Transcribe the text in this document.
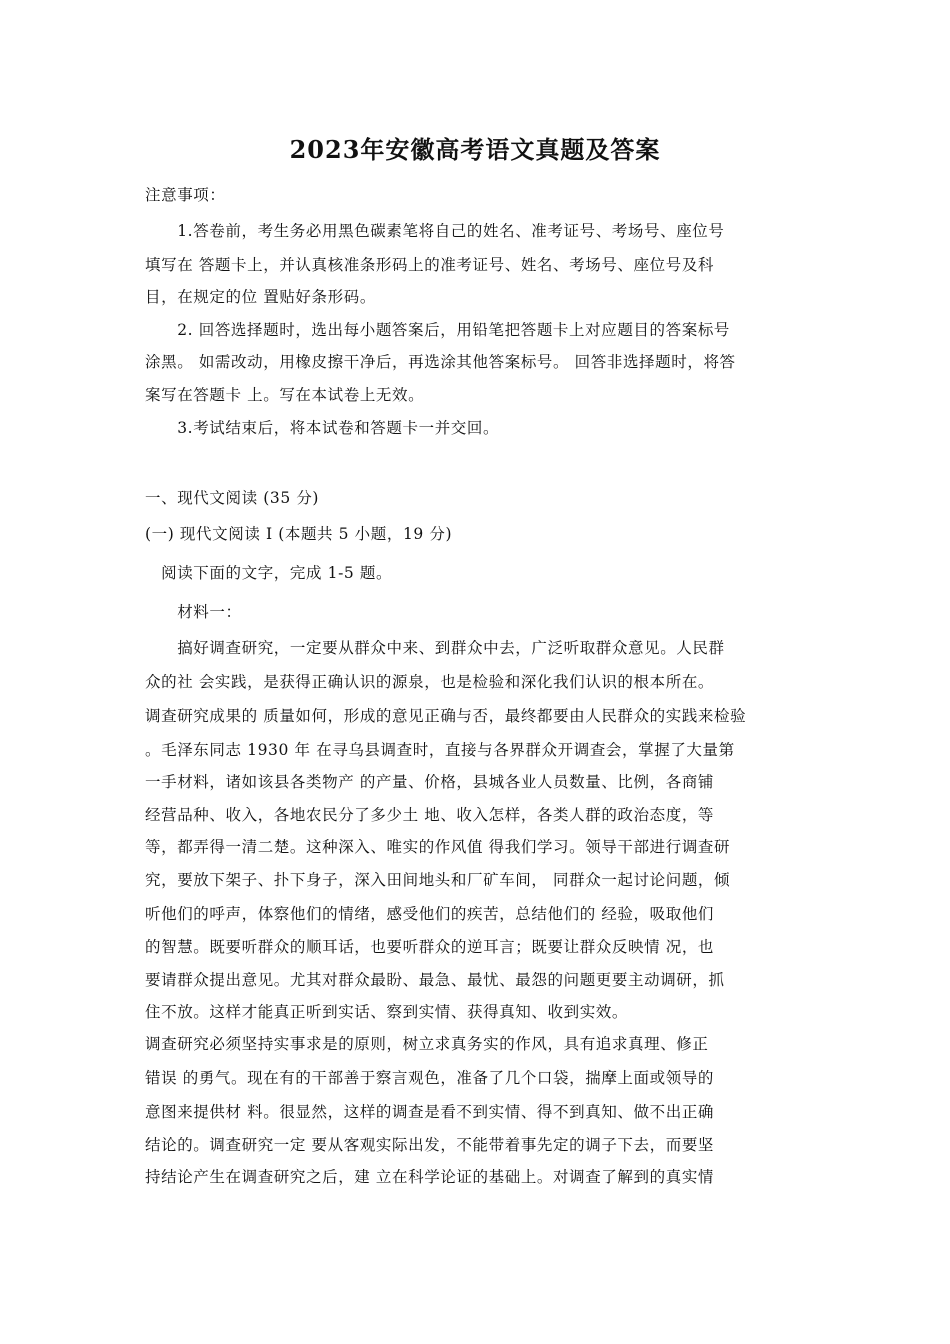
2023年安徽高考语文真题及答案
注意事项：
　　1.答卷前，考生务必用黑色碳素笔将自己的姓名、准考证号、考场号、座位号
填写在 答题卡上，并认真核准条形码上的准考证号、姓名、考场号、座位号及科
目，在规定的位 置贴好条形码。
　　2. 回答选择题时，选出每小题答案后，用铅笔把答题卡上对应题目的答案标号
涂黑。 如需改动，用橡皮擦干净后，再选涂其他答案标号。 回答非选择题时，将答
案写在答题卡 上。写在本试卷上无效。
　　3.考试结束后，将本试卷和答题卡一并交回。
一、现代文阅读 (35 分)
(一) 现代文阅读 I (本题共 5 小题，19 分)
　阅读下面的文字，完成 1-5 题。
　　材料一：
　　搞好调查研究，一定要从群众中来、到群众中去，广泛听取群众意见。人民群
众的社 会实践，是获得正确认识的源泉，也是检验和深化我们认识的根本所在。
调查研究成果的 质量如何，形成的意见正确与否，最终都要由人民群众的实践来检验
。毛泽东同志 1930 年 在寻乌县调查时，直接与各界群众开调查会，掌握了大量第
一手材料，诸如该县各类物产 的产量、价格，县城各业人员数量、比例，各商铺
经营品种、收入，各地农民分了多少土 地、收入怎样，各类人群的政治态度，等
等，都弄得一清二楚。这种深入、唯实的作风值 得我们学习。领导干部进行调查研
究，要放下架子、扑下身子，深入田间地头和厂矿车间， 同群众一起讨论问题，倾
听他们的呼声，体察他们的情绪，感受他们的疾苦，总结他们的 经验，吸取他们
的智慧。既要听群众的顺耳话，也要听群众的逆耳言；既要让群众反映情 况，也
要请群众提出意见。尤其对群众最盼、最急、最忧、最怨的问题更要主动调研，抓
住不放。这样才能真正听到实话、察到实情、获得真知、收到实效。
调查研究必须坚持实事求是的原则，树立求真务实的作风，具有追求真理、修正
错误 的勇气。现在有的干部善于察言观色，准备了几个口袋，揣摩上面或领导的
意图来提供材 料。很显然，这样的调查是看不到实情、得不到真知、做不出正确
结论的。调查研究一定 要从客观实际出发，不能带着事先定的调子下去，而要坚
持结论产生在调查研究之后，建 立在科学论证的基础上。对调查了解到的真实情
